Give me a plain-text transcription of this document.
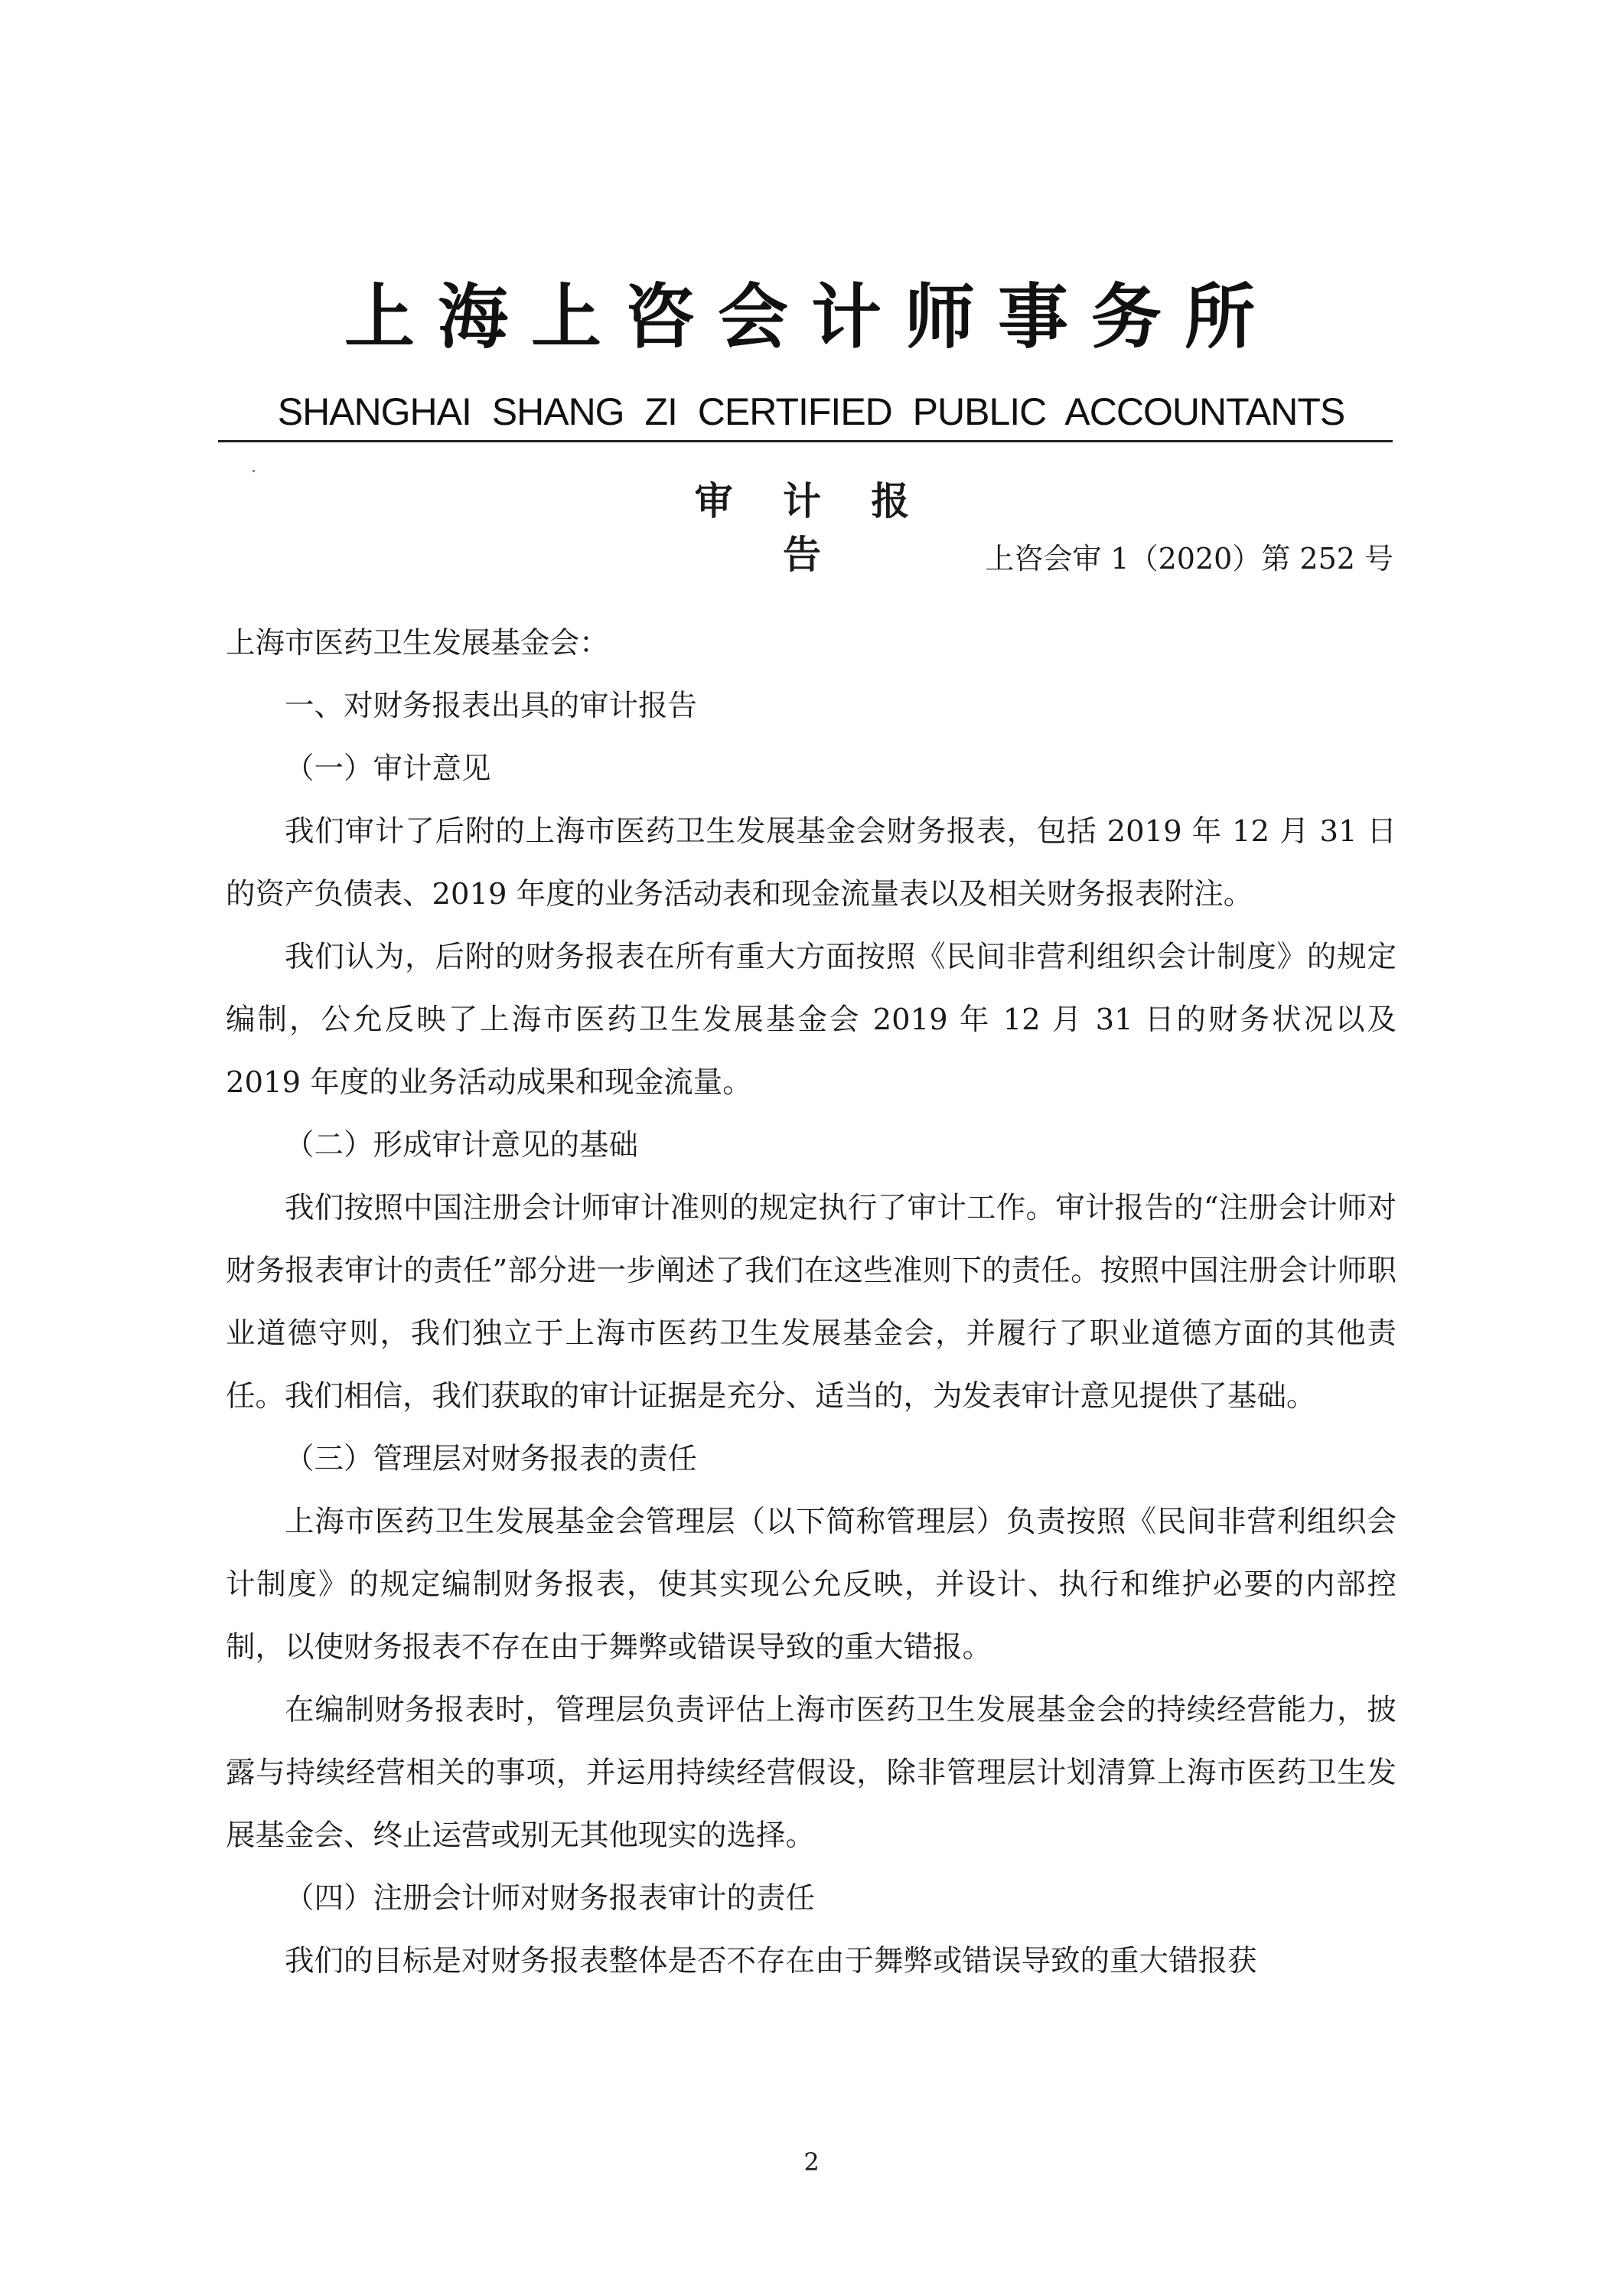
上海上咨会计师事务所
SHANGHAI SHANG ZI CERTIFIED PUBLIC ACCOUNTANTS
审 计 报 告	上咨会审 1（2020）第 252 号

上海市医药卫生发展基金会：

一、对财务报表出具的审计报告

（一）审计意见

我们审计了后附的上海市医药卫生发展基金会财务报表，包括 2019 年 12 月 31 日的资产负债表、2019 年度的业务活动表和现金流量表以及相关财务报表附注。

我们认为，后附的财务报表在所有重大方面按照《民间非营利组织会计制度》的规定编制，公允反映了上海市医药卫生发展基金会 2019 年 12 月 31 日的财务状况以及 2019 年度的业务活动成果和现金流量。

（二）形成审计意见的基础

我们按照中国注册会计师审计准则的规定执行了审计工作。审计报告的“注册会计师对财务报表审计的责任”部分进一步阐述了我们在这些准则下的责任。按照中国注册会计师职业道德守则，我们独立于上海市医药卫生发展基金会，并履行了职业道德方面的其他责任。我们相信，我们获取的审计证据是充分、适当的，为发表审计意见提供了基础。

（三）管理层对财务报表的责任

上海市医药卫生发展基金会管理层（以下简称管理层）负责按照《民间非营利组织会计制度》的规定编制财务报表，使其实现公允反映，并设计、执行和维护必要的内部控制，以使财务报表不存在由于舞弊或错误导致的重大错报。

在编制财务报表时，管理层负责评估上海市医药卫生发展基金会的持续经营能力，披露与持续经营相关的事项，并运用持续经营假设，除非管理层计划清算上海市医药卫生发展基金会、终止运营或别无其他现实的选择。

（四）注册会计师对财务报表审计的责任

我们的目标是对财务报表整体是否不存在由于舞弊或错误导致的重大错报获

2
